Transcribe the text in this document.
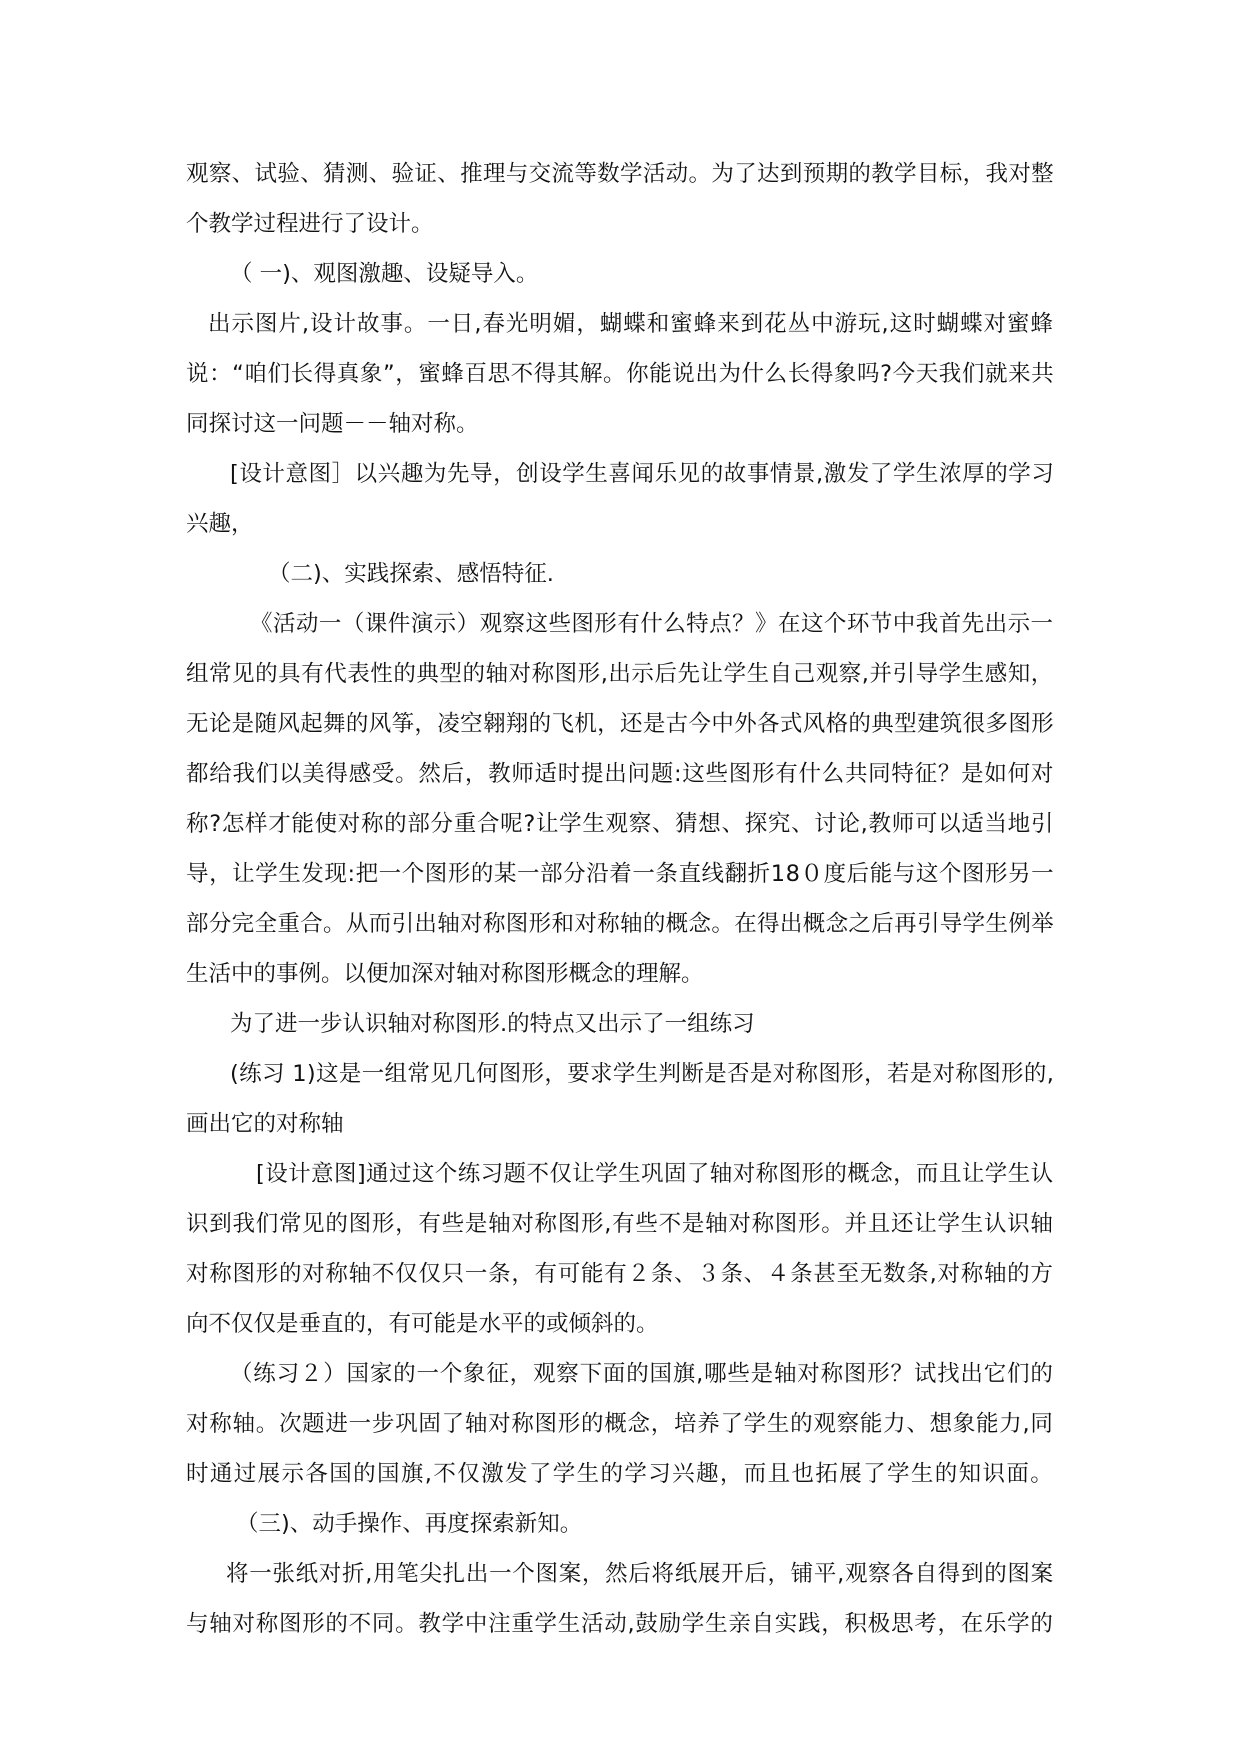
观察、试验、猜测、验证、推理与交流等数学活动。为了达到预期的教学目标，我对整
个教学过程进行了设计。
（ 一)、观图激趣、设疑导入。
出示图片,设计故事。一日,春光明媚，蝴蝶和蜜蜂来到花丛中游玩,这时蝴蝶对蜜蜂
说：“咱们长得真象”，蜜蜂百思不得其解。你能说出为什么长得象吗?今天我们就来共
同探讨这一问题－－轴对称。
[设计意图］以兴趣为先导，创设学生喜闻乐见的故事情景,激发了学生浓厚的学习
兴趣，
（二)、实践探索、感悟特征.
《活动一（课件演示）观察这些图形有什么特点？》在这个环节中我首先出示一
组常见的具有代表性的典型的轴对称图形,出示后先让学生自己观察,并引导学生感知，
无论是随风起舞的风筝，凌空翱翔的飞机，还是古今中外各式风格的典型建筑很多图形
都给我们以美得感受。然后，教师适时提出问题:这些图形有什么共同特征？是如何对
称?怎样才能使对称的部分重合呢?让学生观察、猜想、探究、讨论,教师可以适当地引
导，让学生发现:把一个图形的某一部分沿着一条直线翻折18０度后能与这个图形另一
部分完全重合。从而引出轴对称图形和对称轴的概念。在得出概念之后再引导学生例举
生活中的事例。以便加深对轴对称图形概念的理解。
为了进一步认识轴对称图形.的特点又出示了一组练习
(练习 1)这是一组常见几何图形，要求学生判断是否是对称图形，若是对称图形的,
画出它的对称轴
[设计意图]通过这个练习题不仅让学生巩固了轴对称图形的概念，而且让学生认
识到我们常见的图形，有些是轴对称图形,有些不是轴对称图形。并且还让学生认识轴
对称图形的对称轴不仅仅只一条，有可能有２条、３条、４条甚至无数条,对称轴的方
向不仅仅是垂直的，有可能是水平的或倾斜的。
（练习２）国家的一个象征，观察下面的国旗,哪些是轴对称图形？试找出它们的
对称轴。次题进一步巩固了轴对称图形的概念，培养了学生的观察能力、想象能力,同
时通过展示各国的国旗,不仅激发了学生的学习兴趣，而且也拓展了学生的知识面。
（三)、动手操作、再度探索新知。
将一张纸对折,用笔尖扎出一个图案，然后将纸展开后，铺平,观察各自得到的图案
与轴对称图形的不同。教学中注重学生活动,鼓励学生亲自实践，积极思考，在乐学的
